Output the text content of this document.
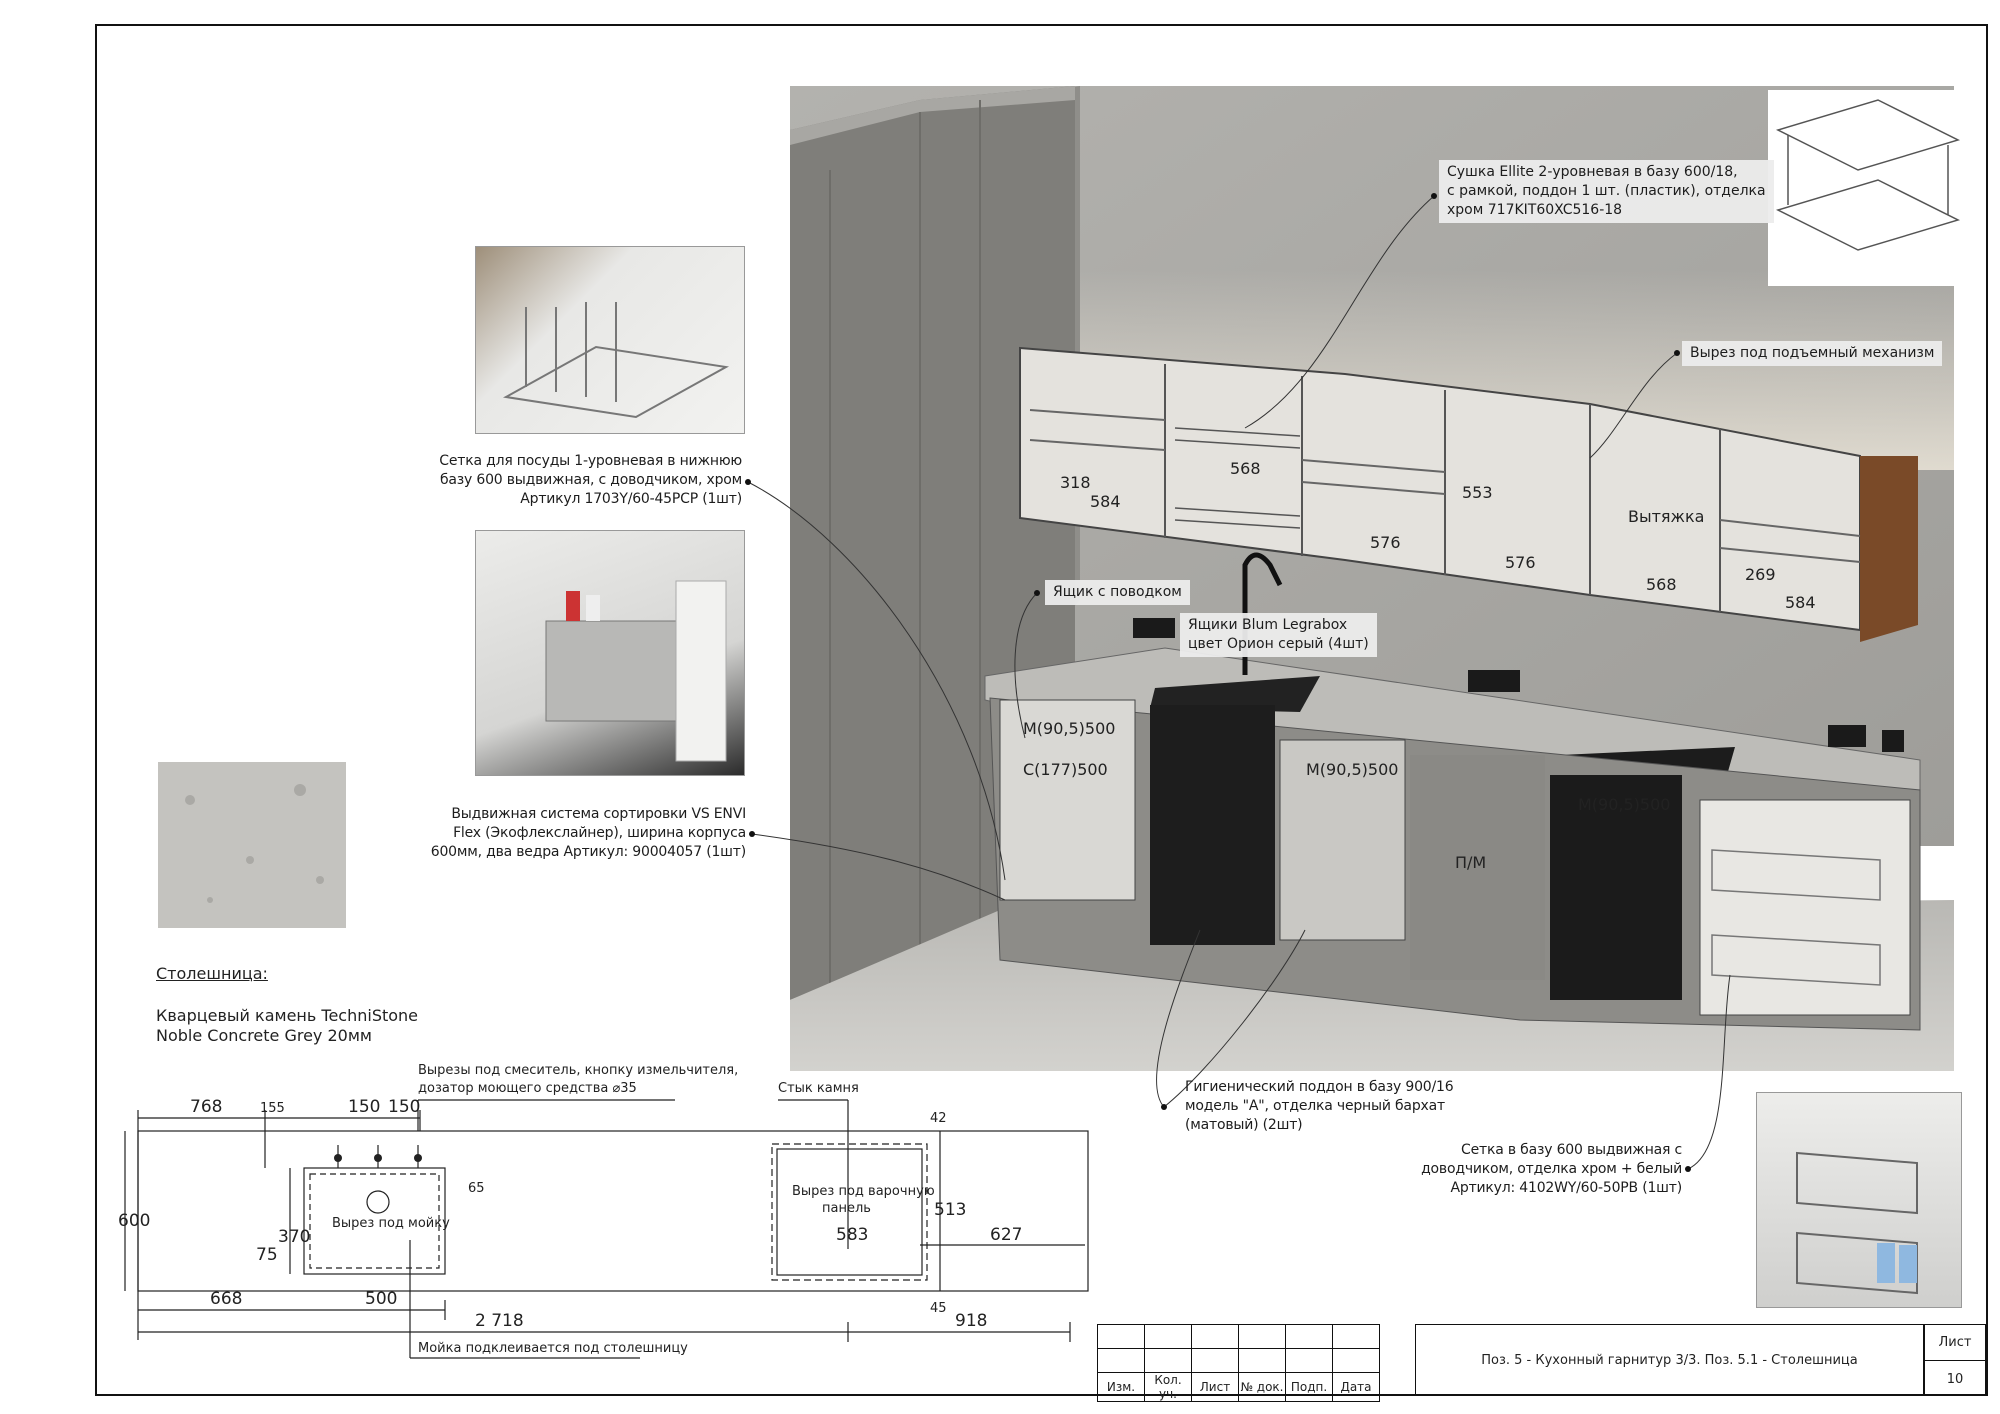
318
584
568
553
576
576
Вытяжка
568
269
584
М(90,5)500
С(177)500	М(90,5)500
П/М
М(90,5)500
Сушка Ellite 2-уровневая в базу 600/18,
с рамкой, поддон 1 шт. (пластик), отделка
хром 717KIT60XC516-18
Вырез под подъемный механизм
Ящик с поводком
Ящики Blum Legrabox
цвет Орион серый (4шт)
Сетка для посуды 1-уровневая в нижнюю
базу 600 выдвижная, с доводчиком, хром
Артикул 1703Y/60-45PCP (1шт)
Выдвижная система сортировки VS ENVI
Flex (Экофлекслайнер), ширина корпуса
600мм, два ведра Артикул: 90004057 (1шт)
Гигиенический поддон в базу 900/16
модель "А", отделка черный бархат
(матовый) (2шт)
Сетка в базу 600 выдвижная с
доводчиком, отделка хром + белый
Артикул: 4102WY/60-50PB (1шт)
Столешница:
Кварцевый камень TechniStone
Noble Concrete Grey 20мм
768	155	150 150
600
370
75
65
668	500
2 718
42
513
583	627
45
918
Вырез под мойку
Вырез под варочную
панель
Вырезы под смеситель, кнопку измельчителя,
дозатор моющего средства ⌀35	Стык камня
Мойка подклеивается под столешницу

Изм.	Кол. уч.	Лист	№ док.	Подп.	Дата
Поз. 5 - Кухонный гарнитур 3/3. Поз. 5.1 - Столешница
Лист
10
